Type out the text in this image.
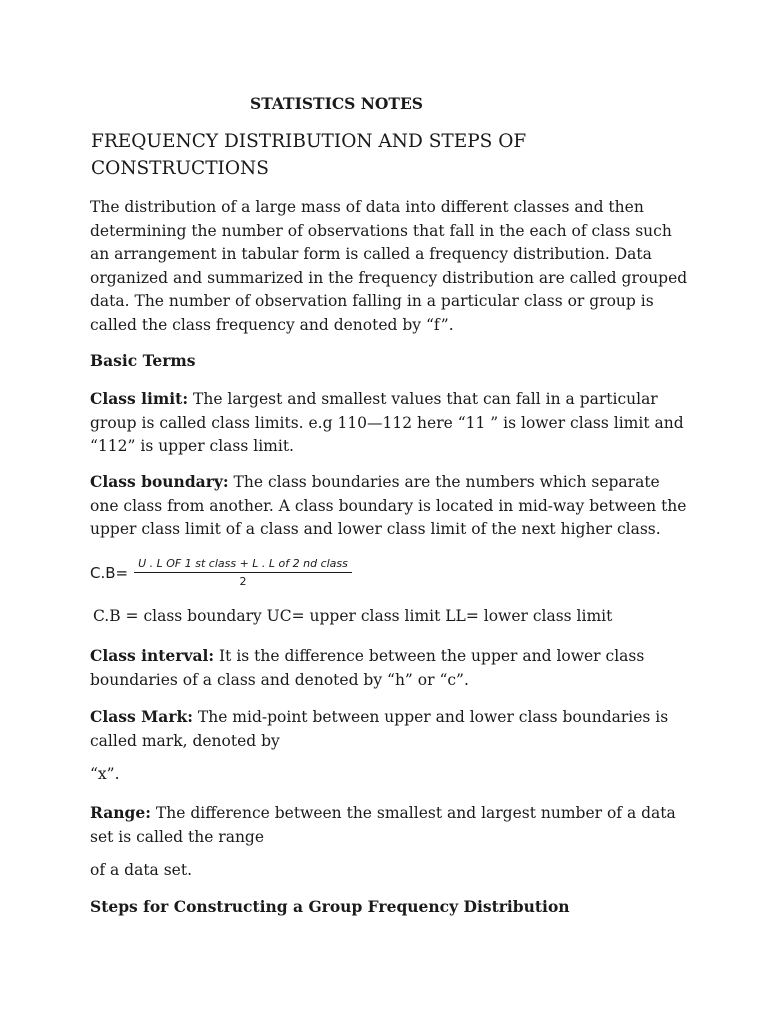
STATISTICS NOTES
FREQUENCY DISTRIBUTION AND STEPS OF CONSTRUCTIONS
The distribution of a large mass of data into different classes and then determining the number of observations that fall in the each of class such an arrangement in tabular form is called a frequency distribution. Data organized and summarized in the frequency distribution are called grouped data. The number of observation falling in a particular class or group is called the class frequency and denoted by “f”.
Basic Terms
Class limit: The largest and smallest values that can fall in a particular group is called class limits. e.g 110—112 here “11 ” is lower class limit and “112” is upper class limit.
Class boundary: The class boundaries are the numbers which separate one class from another. A class boundary is located in mid-way between the upper class limit of a class and lower class limit of the next higher class.
C.B=
U . L OF 1 st class + L . L of 2 nd class
2
C.B = class boundary UC= upper class limit LL= lower class limit
Class interval: It is the difference between the upper and lower class boundaries of a class and denoted by “h” or “c”.
Class Mark: The mid-point between upper and lower class boundaries is called mark, denoted by
“x”.
Range: The difference between the smallest and largest number of a data set is called the range
of a data set.
Steps for Constructing a Group Frequency Distribution
